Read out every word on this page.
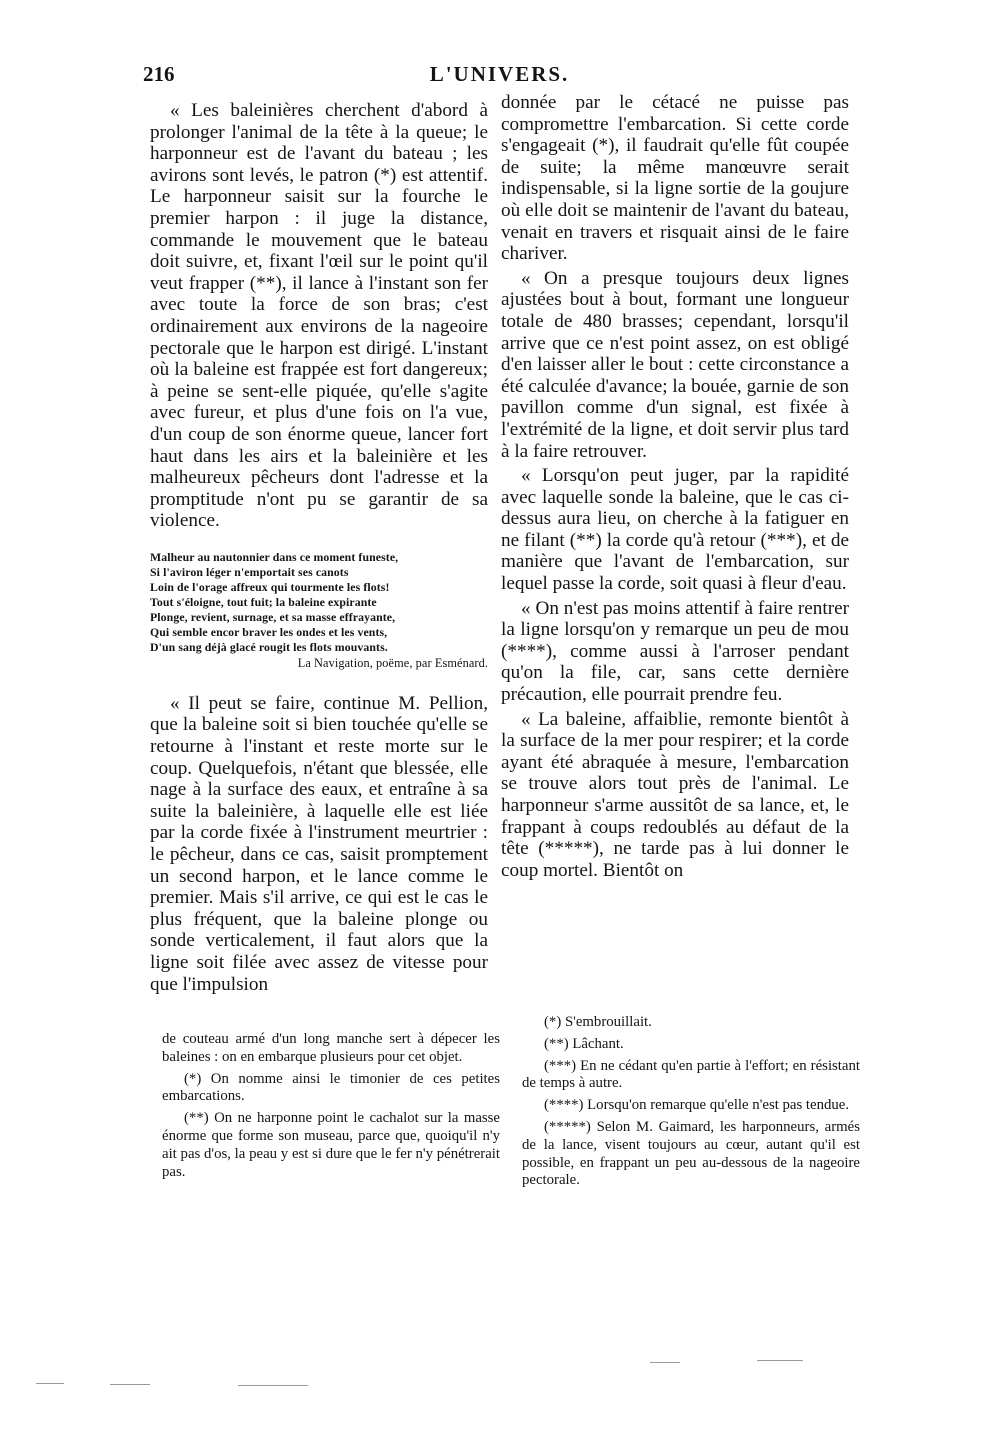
216	L'UNIVERS.

« Les baleinières cherchent d'abord à prolonger l'animal de la tête à la queue; le harponneur est de l'avant du bateau ; les avirons sont levés, le patron (*) est attentif. Le harponneur saisit sur la fourche le premier harpon : il juge la distance, commande le mouvement que le bateau doit suivre, et, fixant l'œil sur le point qu'il veut frapper (**), il lance à l'instant son fer avec toute la force de son bras; c'est ordinairement aux environs de la nageoire pectorale que le harpon est dirigé. L'instant où la baleine est frappée est fort dangereux; à peine se sent-elle piquée, qu'elle s'agite avec fureur, et plus d'une fois on l'a vue, d'un coup de son énorme queue, lancer fort haut dans les airs et la baleinière et les malheureux pêcheurs dont l'adresse et la promptitude n'ont pu se garantir de sa violence.

Malheur au nautonnier dans ce moment funeste,
Si l'aviron léger n'emportait ses canots
Loin de l'orage affreux qui tourmente les flots!
Tout s'éloigne, tout fuit; la baleine expirante
Plonge, revient, surnage, et sa masse effrayante,
Qui semble encor braver les ondes et les vents,
D'un sang déjà glacé rougit les flots mouvants.
La Navigation, poëme, par Esménard.

« Il peut se faire, continue M. Pellion, que la baleine soit si bien touchée qu'elle se retourne à l'instant et reste morte sur le coup. Quelquefois, n'étant que blessée, elle nage à la surface des eaux, et entraîne à sa suite la baleinière, à laquelle elle est liée par la corde fixée à l'instrument meurtrier : le pêcheur, dans ce cas, saisit promptement un second harpon, et le lance comme le premier. Mais s'il arrive, ce qui est le cas le plus fréquent, que la baleine plonge ou sonde verticalement, il faut alors que la ligne soit filée avec assez de vitesse pour que l'impulsion

donnée par le cétacé ne puisse pas compromettre l'embarcation. Si cette corde s'engageait (*), il faudrait qu'elle fût coupée de suite; la même manœuvre serait indispensable, si la ligne sortie de la goujure où elle doit se maintenir de l'avant du bateau, venait en travers et risquait ainsi de le faire chariver.

« On a presque toujours deux lignes ajustées bout à bout, formant une longueur totale de 480 brasses; cependant, lorsqu'il arrive que ce n'est point assez, on est obligé d'en laisser aller le bout : cette circonstance a été calculée d'avance; la bouée, garnie de son pavillon comme d'un signal, est fixée à l'extrémité de la ligne, et doit servir plus tard à la faire retrouver.

« Lorsqu'on peut juger, par la rapidité avec laquelle sonde la baleine, que le cas ci-dessus aura lieu, on cherche à la fatiguer en ne filant (**) la corde qu'à retour (***), et de manière que l'avant de l'embarcation, sur lequel passe la corde, soit quasi à fleur d'eau.

« On n'est pas moins attentif à faire rentrer la ligne lorsqu'on y remarque un peu de mou (****), comme aussi à l'arroser pendant qu'on la file, car, sans cette dernière précaution, elle pourrait prendre feu.

« La baleine, affaiblie, remonte bientôt à la surface de la mer pour respirer; et la corde ayant été abraquée à mesure, l'embarcation se trouve alors tout près de l'animal. Le harponneur s'arme aussitôt de sa lance, et, le frappant à coups redoublés au défaut de la tête (*****), ne tarde pas à lui donner le coup mortel. Bientôt on

de couteau armé d'un long manche sert à dépecer les baleines : on en embarque plusieurs pour cet objet.

(*) On nomme ainsi le timonier de ces petites embarcations.

(**) On ne harponne point le cachalot sur la masse énorme que forme son museau, parce que, quoiqu'il n'y ait pas d'os, la peau y est si dure que le fer n'y pénétrerait pas.

(*) S'embrouillait.

(**) Lâchant.

(***) En ne cédant qu'en partie à l'effort; en résistant de temps à autre.

(****) Lorsqu'on remarque qu'elle n'est pas tendue.

(*****) Selon M. Gaimard, les harponneurs, armés de la lance, visent toujours au cœur, autant qu'il est possible, en frappant un peu au-dessous de la nageoire pectorale.
